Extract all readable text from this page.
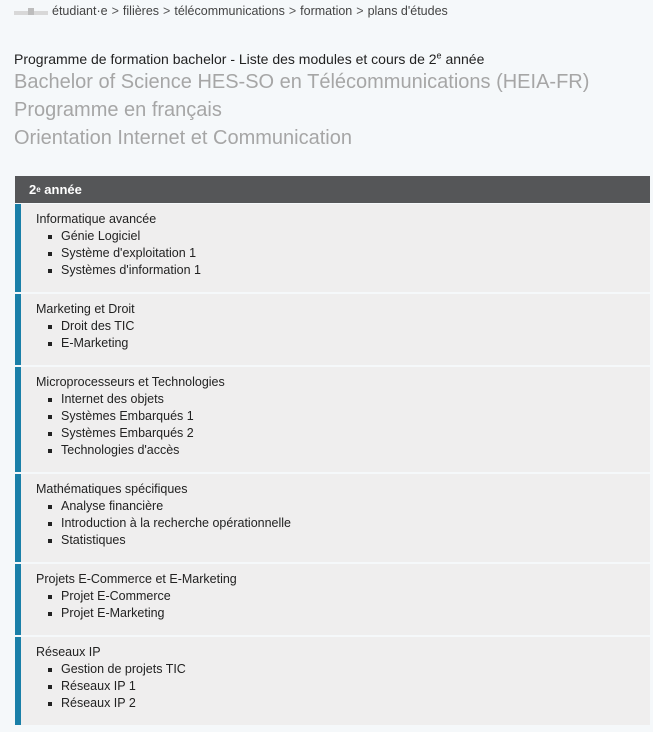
étudiant·e > filières > télécommunications > formation > plans d'études
Programme de formation bachelor - Liste des modules et cours de 2e année
Bachelor of Science HES-SO en Télécommunications (HEIA-FR)
Programme en français
Orientation Internet et Communication
2 e année
Informatique avancée
Génie Logiciel
Système d'exploitation 1
Systèmes d'information 1
Marketing et Droit
Droit des TIC
E-Marketing
Microprocesseurs et Technologies
Internet des objets
Systèmes Embarqués 1
Systèmes Embarqués 2
Technologies d'accès
Mathématiques spécifiques
Analyse financière
Introduction à la recherche opérationnelle
Statistiques
Projets E-Commerce et E-Marketing
Projet E-Commerce
Projet E-Marketing
Réseaux IP
Gestion de projets TIC
Réseaux IP 1
Réseaux IP 2
